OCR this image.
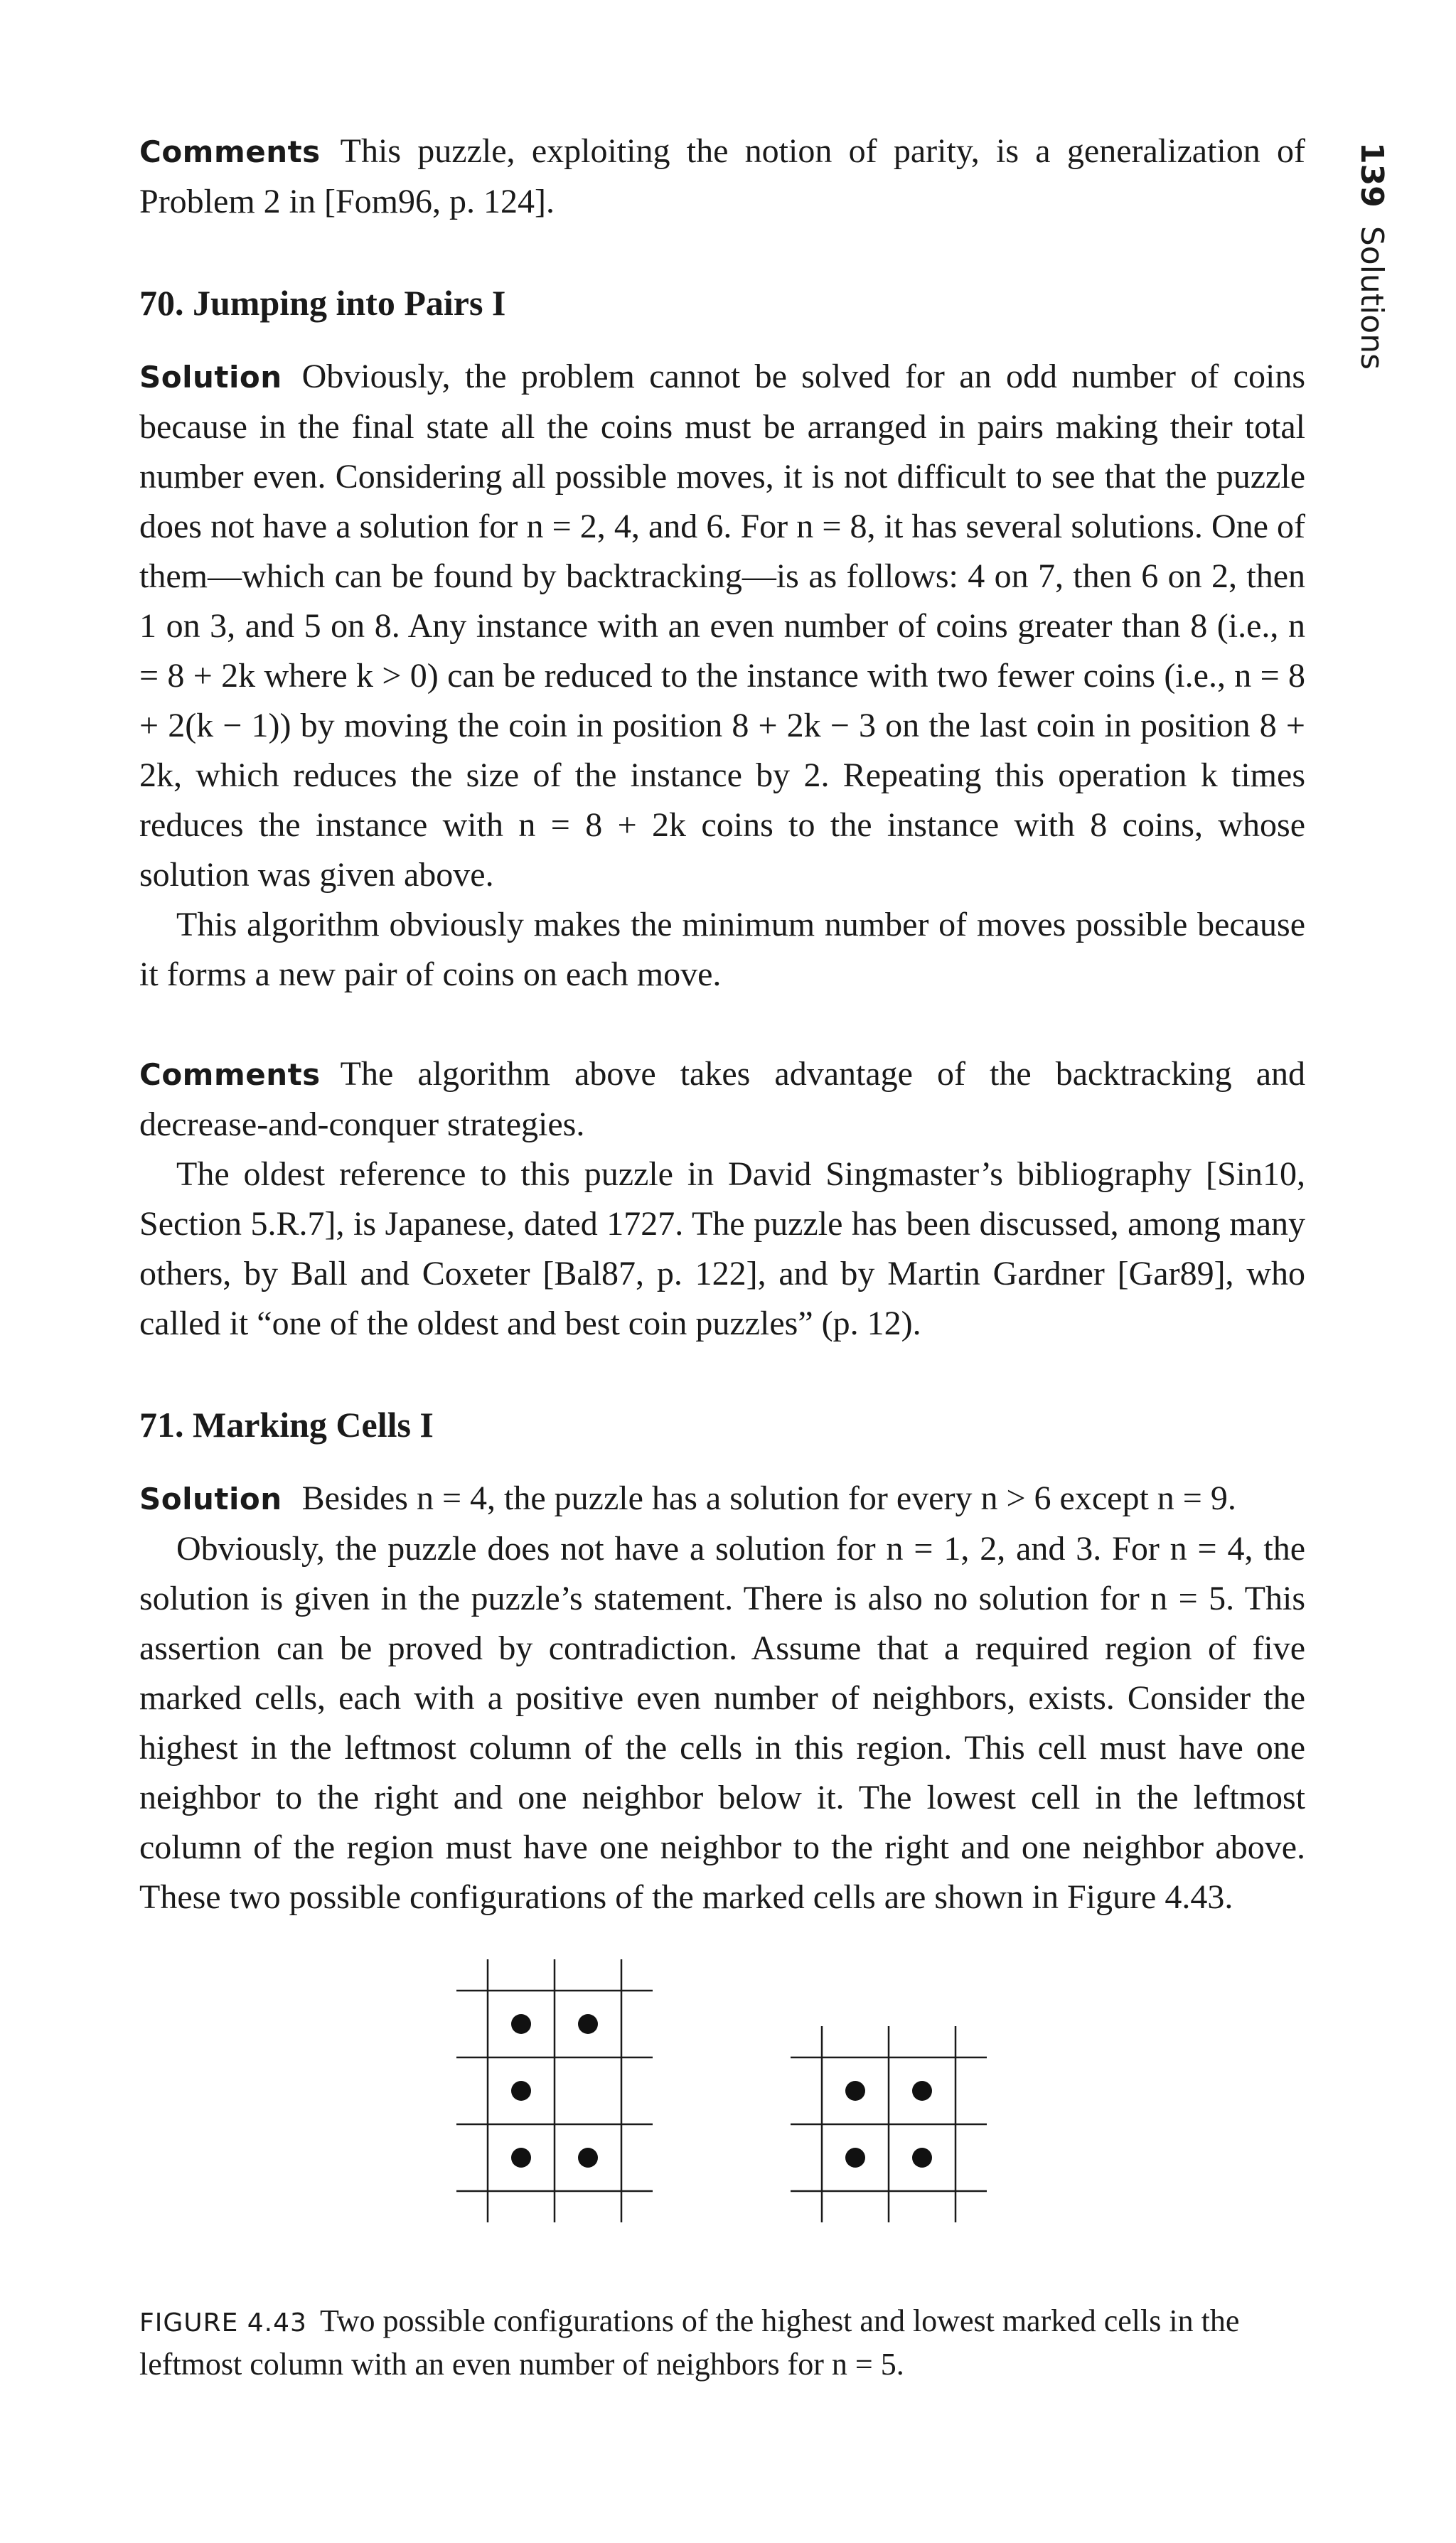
139Solutions

Comments This puzzle, exploiting the notion of parity, is a generalization of Problem 2 in [Fom96, p. 124].

70. Jumping into Pairs I

Solution Obviously, the problem cannot be solved for an odd number of coins because in the final state all the coins must be arranged in pairs making their total number even. Considering all possible moves, it is not difficult to see that the puzzle does not have a solution for n = 2, 4, and 6. For n = 8, it has several solutions. One of them—which can be found by backtracking—is as follows: 4 on 7, then 6 on 2, then 1 on 3, and 5 on 8. Any instance with an even number of coins greater than 8 (i.e., n = 8 + 2k where k > 0) can be reduced to the instance with two fewer coins (i.e., n = 8 + 2(k − 1)) by moving the coin in position 8 + 2k − 3 on the last coin in position 8 + 2k, which reduces the size of the instance by 2. Repeating this operation k times reduces the instance with n = 8 + 2k coins to the instance with 8 coins, whose solution was given above.

This algorithm obviously makes the minimum number of moves possible because it forms a new pair of coins on each move.

Comments The algorithm above takes advantage of the backtracking and decrease-and-conquer strategies.

The oldest reference to this puzzle in David Singmaster’s bibliography [Sin10, Section 5.R.7], is Japanese, dated 1727. The puzzle has been discussed, among many others, by Ball and Coxeter [Bal87, p. 122], and by Martin Gardner [Gar89], who called it “one of the oldest and best coin puzzles” (p. 12).

71. Marking Cells I

Solution Besides n = 4, the puzzle has a solution for every n > 6 except n = 9.

Obviously, the puzzle does not have a solution for n = 1, 2, and 3. For n = 4, the solution is given in the puzzle’s statement. There is also no solution for n = 5. This assertion can be proved by contradiction. Assume that a required region of five marked cells, each with a positive even number of neighbors, exists. Consider the highest in the leftmost column of the cells in this region. This cell must have one neighbor to the right and one neighbor below it. The lowest cell in the leftmost column of the region must have one neighbor to the right and one neighbor above. These two possible configurations of the marked cells are shown in Figure 4.43.

FIGURE 4.43 Two possible configurations of the highest and lowest marked cells in the leftmost column with an even number of neighbors for n = 5.
